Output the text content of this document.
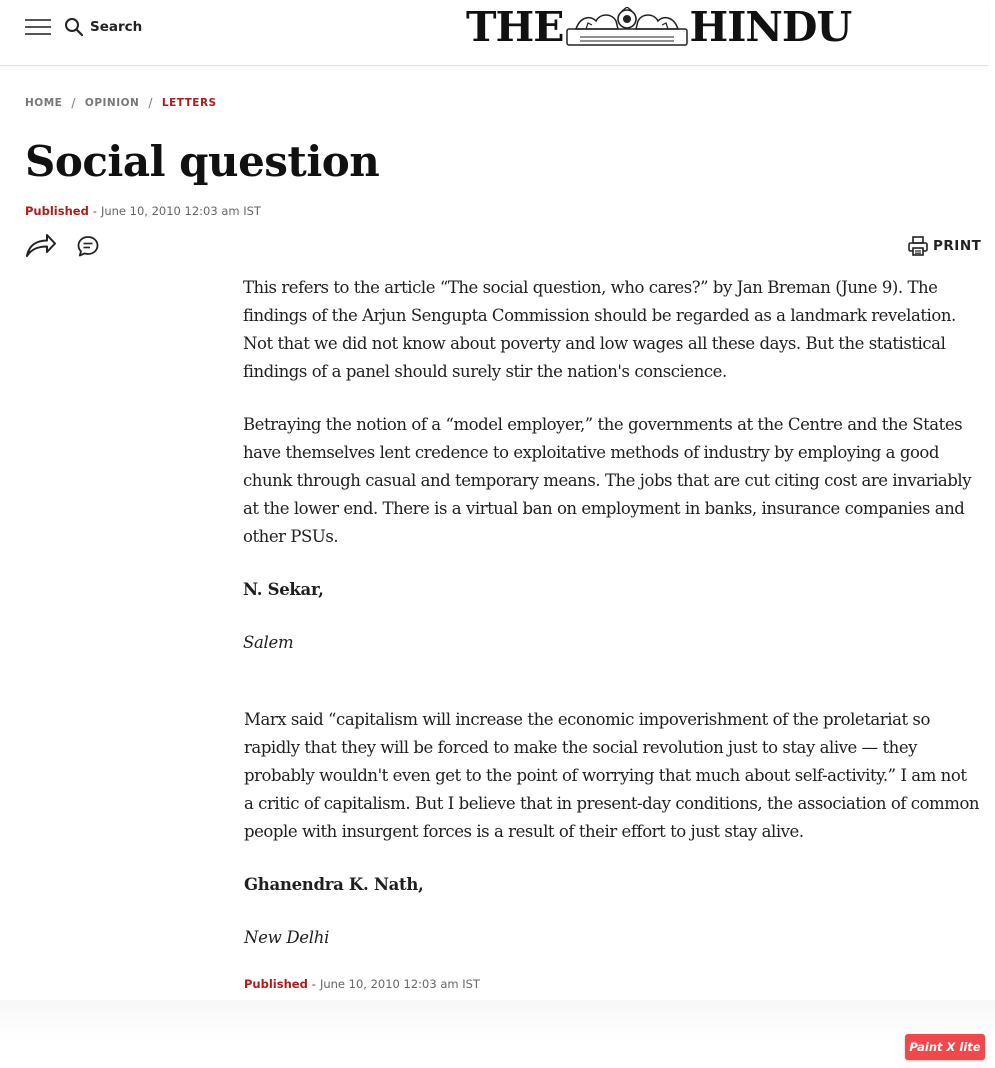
Search	THE	HINDU
HOME / OPINION / LETTERS
Social question
Published - June 10, 2010 12:03 am IST
PRINT

This refers to the article “The social question, who cares?” by Jan Breman (June 9). The findings of the Arjun Sengupta Commission should be regarded as a landmark revelation. Not that we did not know about poverty and low wages all these days. But the statistical findings of a panel should surely stir the nation's conscience.

Betraying the notion of a “model employer,” the governments at the Centre and the States have themselves lent credence to exploitative methods of industry by employing a good chunk through casual and temporary means. The jobs that are cut citing cost are invariably at the lower end. There is a virtual ban on employment in banks, insurance companies and other PSUs.

N. Sekar,

Salem

Marx said “capitalism will increase the economic impoverishment of the proletariat so rapidly that they will be forced to make the social revolution just to stay alive — they probably wouldn't even get to the point of worrying that much about self-activity.” I am not a critic of capitalism. But I believe that in present-day conditions, the association of common people with insurgent forces is a result of their effort to just stay alive.

Ghanendra K. Nath,

New Delhi

Published - June 10, 2010 12:03 am IST
Paint X lite
